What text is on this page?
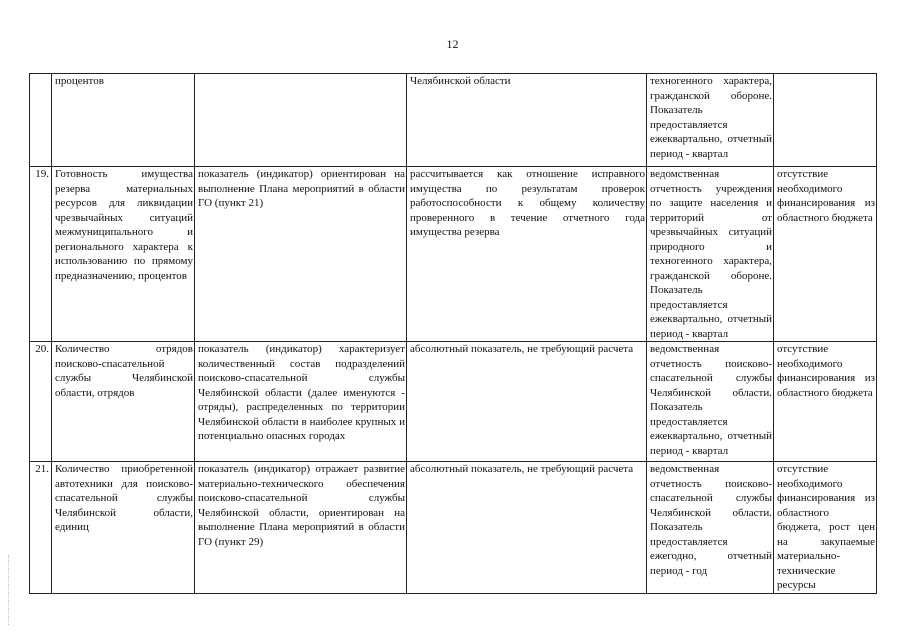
12
	процентов		Челябинской области	техногенного характера, гражданской обороне. Показатель предоставляется ежеквартально, отчетный период - квартал	
19.	Готовность имущества резерва материальных ресурсов для ликвидации чрезвычайных ситуаций межмуниципального и регионального характера к использованию по прямому предназначению, процентов	показатель (индикатор) ориентирован на выполнение Плана мероприятий в области ГО (пункт 21)	рассчитывается как отношение исправного имущества по результатам проверок работоспособности к общему количеству проверенного в течение отчетного года имущества резерва	ведомственная отчетность учреждения по защите населения и территорий от чрезвычайных ситуаций природного и техногенного характера, гражданской обороне. Показатель предоставляется ежеквартально, отчетный период - квартал	отсутствие необходимого финансирования из областного бюджета
20.	Количество отрядов поисково-спасательной службы Челябинской области, отрядов	показатель (индикатор) характеризует количественный состав подразделений поисково-спасательной службы Челябинской области (далее именуются - отряды), распределенных по территории Челябинской области в наиболее крупных и потенциально опасных городах	абсолютный показатель, не требующий расчета	ведомственная отчетность поисково-спасательной службы Челябинской области. Показатель предоставляется ежеквартально, отчетный период - квартал	отсутствие необходимого финансирования из областного бюджета
21.	Количество приобретенной автотехники для поисково-спасательной службы Челябинской области, единиц	показатель (индикатор) отражает развитие материально-технического обеспечения поисково-спасательной службы Челябинской области, ориентирован на выполнение Плана мероприятий в области ГО (пункт 29)	абсолютный показатель, не требующий расчета	ведомственная отчетность поисково-спасательной службы Челябинской области. Показатель предоставляется ежегодно, отчетный период - год	отсутствие необходимого финансирования из областного бюджета, рост цен на закупаемые материально-технические ресурсы
